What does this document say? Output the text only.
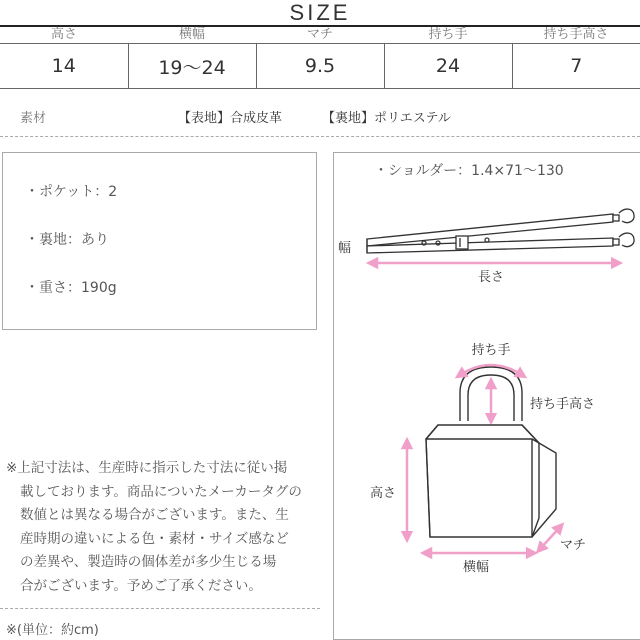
SIZE
高さ	横幅	マチ	持ち手	持ち手高さ
14	19〜24	9.5	24	7
素材	【表地】合成皮革	【裏地】ポリエステル
・ポケット：2
・裏地：あり
・重さ：190g
・ショルダー：1.4×71〜130
幅
長さ
持ち手
持ち手高さ
高さ
横幅
マチ
※上記寸法は、生産時に指示した寸法に従い掲
載しております。商品についたメーカータグの
数値とは異なる場合がございます。また、生
産時期の違いによる色・素材・サイズ感など
の差異や、製造時の個体差が多少生じる場
合がございます。予めご了承ください。
※(単位：約cm)
